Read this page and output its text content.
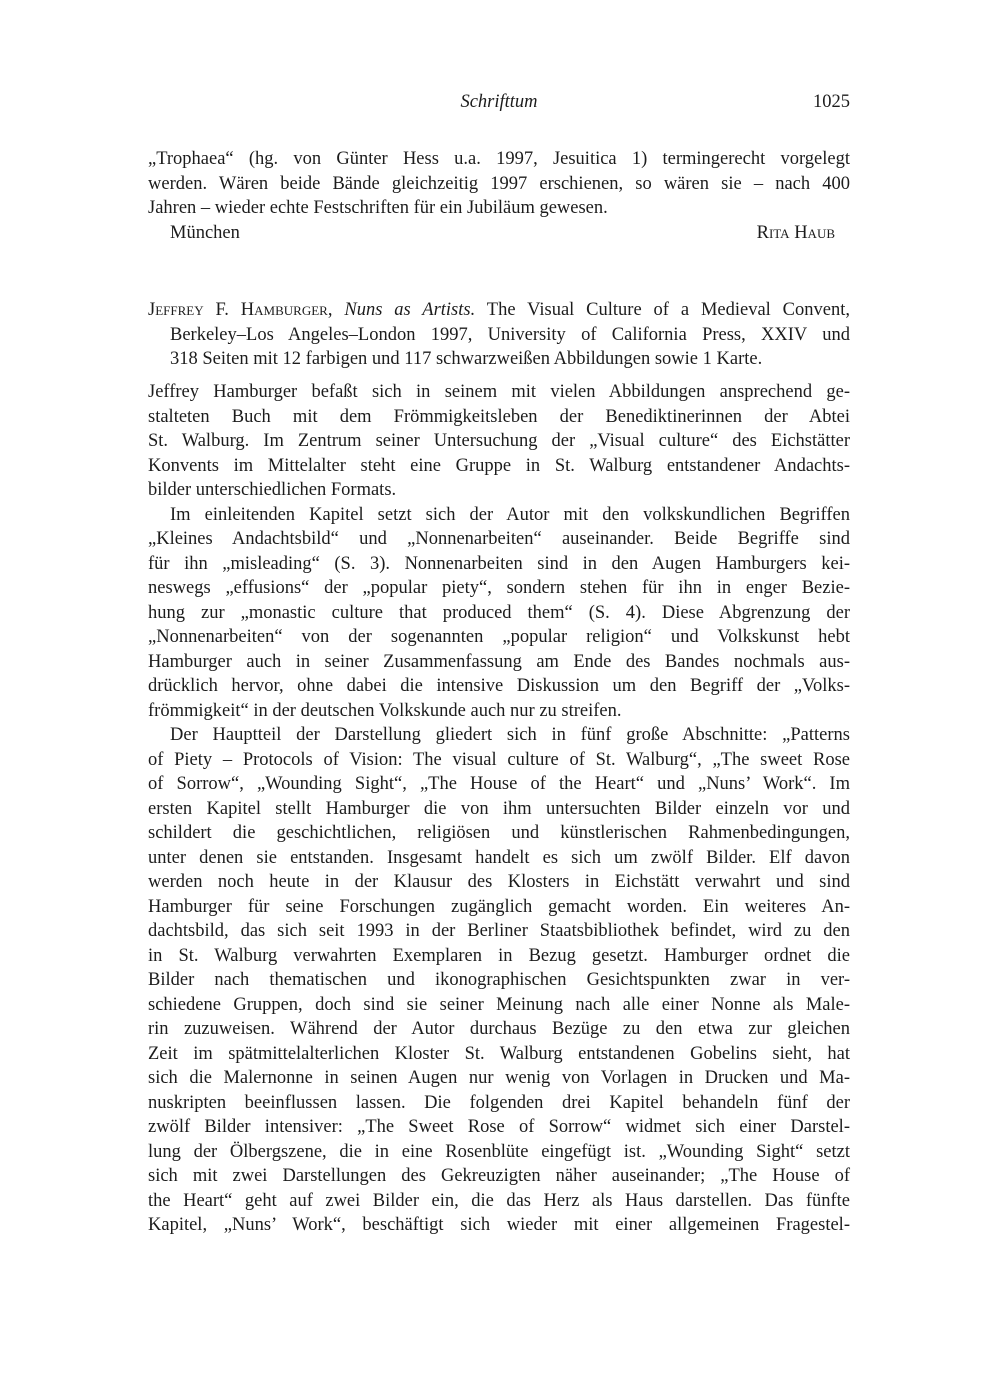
Schrifttum	1025
„Trophaea“ (hg. von Günter Hess u.a. 1997, Jesuitica 1) termingerecht vorgelegt
werden. Wären beide Bände gleichzeitig 1997 erschienen, so wären sie – nach 400
Jahren – wieder echte Festschriften für ein Jubiläum gewesen.
München	Rita Haub
Jeffrey F. Hamburger, Nuns as Artists. The Visual Culture of a Medieval Convent,
Berkeley–Los Angeles–London 1997, University of California Press, XXIV und
318 Seiten mit 12 farbigen und 117 schwarzweißen Abbildungen sowie 1 Karte.
Jeffrey Hamburger befaßt sich in seinem mit vielen Abbildungen ansprechend ge-
stalteten Buch mit dem Frömmigkeitsleben der Benediktinerinnen der Abtei
St. Walburg. Im Zentrum seiner Untersuchung der „Visual culture“ des Eichstätter
Konvents im Mittelalter steht eine Gruppe in St. Walburg entstandener Andachts-
bilder unterschiedlichen Formats.
Im einleitenden Kapitel setzt sich der Autor mit den volkskundlichen Begriffen
„Kleines Andachtsbild“ und „Nonnenarbeiten“ auseinander. Beide Begriffe sind
für ihn „misleading“ (S. 3). Nonnenarbeiten sind in den Augen Hamburgers kei-
neswegs „effusions“ der „popular piety“, sondern stehen für ihn in enger Bezie-
hung zur „monastic culture that produced them“ (S. 4). Diese Abgrenzung der
„Nonnenarbeiten“ von der sogenannten „popular religion“ und Volkskunst hebt
Hamburger auch in seiner Zusammenfassung am Ende des Bandes nochmals aus-
drücklich hervor, ohne dabei die intensive Diskussion um den Begriff der „Volks-
frömmigkeit“ in der deutschen Volkskunde auch nur zu streifen.
Der Hauptteil der Darstellung gliedert sich in fünf große Abschnitte: „Patterns
of Piety – Protocols of Vision: The visual culture of St. Walburg“, „The sweet Rose
of Sorrow“, „Wounding Sight“, „The House of the Heart“ und „Nuns’ Work“. Im
ersten Kapitel stellt Hamburger die von ihm untersuchten Bilder einzeln vor und
schildert die geschichtlichen, religiösen und künstlerischen Rahmenbedingungen,
unter denen sie entstanden. Insgesamt handelt es sich um zwölf Bilder. Elf davon
werden noch heute in der Klausur des Klosters in Eichstätt verwahrt und sind
Hamburger für seine Forschungen zugänglich gemacht worden. Ein weiteres An-
dachtsbild, das sich seit 1993 in der Berliner Staatsbibliothek befindet, wird zu den
in St. Walburg verwahrten Exemplaren in Bezug gesetzt. Hamburger ordnet die
Bilder nach thematischen und ikonographischen Gesichtspunkten zwar in ver-
schiedene Gruppen, doch sind sie seiner Meinung nach alle einer Nonne als Male-
rin zuzuweisen. Während der Autor durchaus Bezüge zu den etwa zur gleichen
Zeit im spätmittelalterlichen Kloster St. Walburg entstandenen Gobelins sieht, hat
sich die Malernonne in seinen Augen nur wenig von Vorlagen in Drucken und Ma-
nuskripten beeinflussen lassen. Die folgenden drei Kapitel behandeln fünf der
zwölf Bilder intensiver: „The Sweet Rose of Sorrow“ widmet sich einer Darstel-
lung der Ölbergszene, die in eine Rosenblüte eingefügt ist. „Wounding Sight“ setzt
sich mit zwei Darstellungen des Gekreuzigten näher auseinander; „The House of
the Heart“ geht auf zwei Bilder ein, die das Herz als Haus darstellen. Das fünfte
Kapitel, „Nuns’ Work“, beschäftigt sich wieder mit einer allgemeinen Fragestel-
